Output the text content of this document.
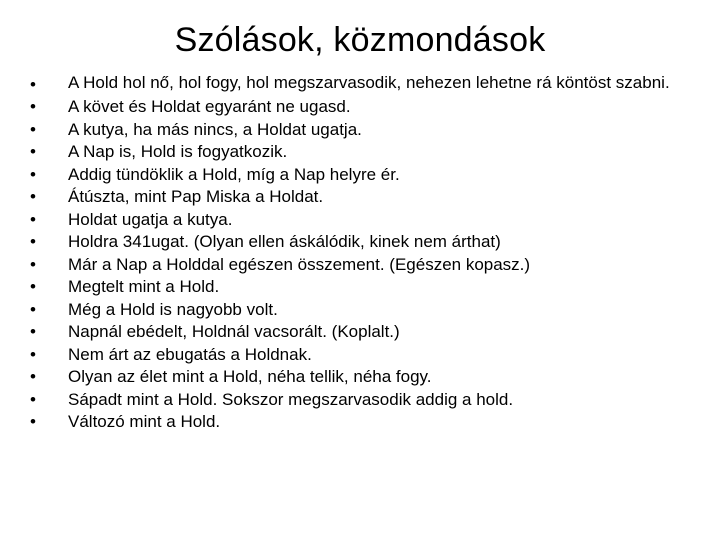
Szólások, közmondások
•	A Hold hol nő, hol fogy, hol megszarvasodik, nehezen lehetne rá köntöst szabni.
•	A követ és Holdat egyaránt ne ugasd.
•	A kutya, ha más nincs, a Holdat ugatja.
•	A Nap is, Hold is fogyatkozik.
•	Addig tündöklik a Hold, míg a Nap helyre ér.
•	Átúszta, mint Pap Miska a Holdat.
•	Holdat ugatja a kutya.
•	Holdra 341ugat. (Olyan ellen áskálódik, kinek nem árthat)
•	Már a Nap a Holddal egészen összement. (Egészen kopasz.)
•	Megtelt mint a Hold.
•	Még a Hold is nagyobb volt.
•	Napnál ebédelt, Holdnál vacsorált. (Koplalt.)
•	Nem árt az ebugatás a Holdnak.
•	Olyan az élet mint a Hold, néha tellik, néha fogy.
•	Sápadt mint a Hold. Sokszor megszarvasodik addig a hold.
•	Változó mint a Hold.
